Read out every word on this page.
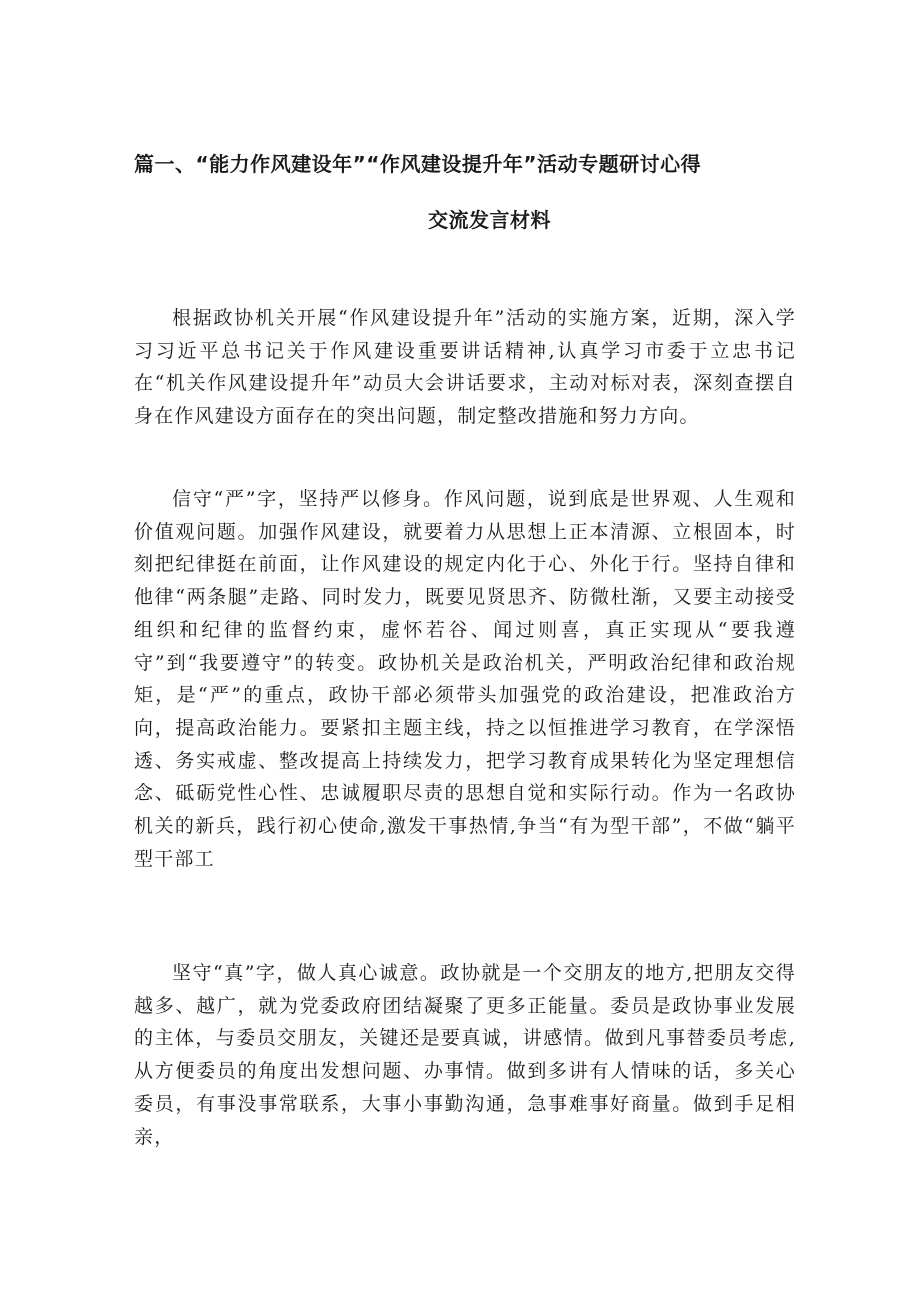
篇一、“能力作风建设年”“作风建设提升年”活动专题研讨心得
交流发言材料

根据政协机关开展“作风建设提升年”活动的实施方案，近期，深入学习习近平总书记关于作风建设重要讲话精神,认真学习市委于立忠书记在“机关作风建设提升年”动员大会讲话要求，主动对标对表，深刻查摆自身在作风建设方面存在的突出问题，制定整改措施和努力方向。

信守“严”字，坚持严以修身。作风问题，说到底是世界观、人生观和价值观问题。加强作风建设，就要着力从思想上正本清源、立根固本，时刻把纪律挺在前面，让作风建设的规定内化于心、外化于行。坚持自律和他律“两条腿”走路、同时发力，既要见贤思齐、防微杜渐，又要主动接受组织和纪律的监督约束，虚怀若谷、闻过则喜，真正实现从“要我遵守”到“我要遵守”的转变。政协机关是政治机关，严明政治纪律和政治规矩，是“严”的重点，政协干部必须带头加强党的政治建设，把准政治方向，提高政治能力。要紧扣主题主线，持之以恒推进学习教育，在学深悟透、务实戒虚、整改提高上持续发力，把学习教育成果转化为坚定理想信念、砥砺党性心性、忠诚履职尽责的思想自觉和实际行动。作为一名政协机关的新兵，践行初心使命,激发干事热情,争当“有为型干部”，不做“躺平型干部工

坚守“真”字，做人真心诚意。政协就是一个交朋友的地方,把朋友交得越多、越广，就为党委政府团结凝聚了更多正能量。委员是政协事业发展的主体，与委员交朋友，关键还是要真诚，讲感情。做到凡事替委员考虑,从方便委员的角度出发想问题、办事情。做到多讲有人情味的话，多关心委员，有事没事常联系，大事小事勤沟通，急事难事好商量。做到手足相亲，
